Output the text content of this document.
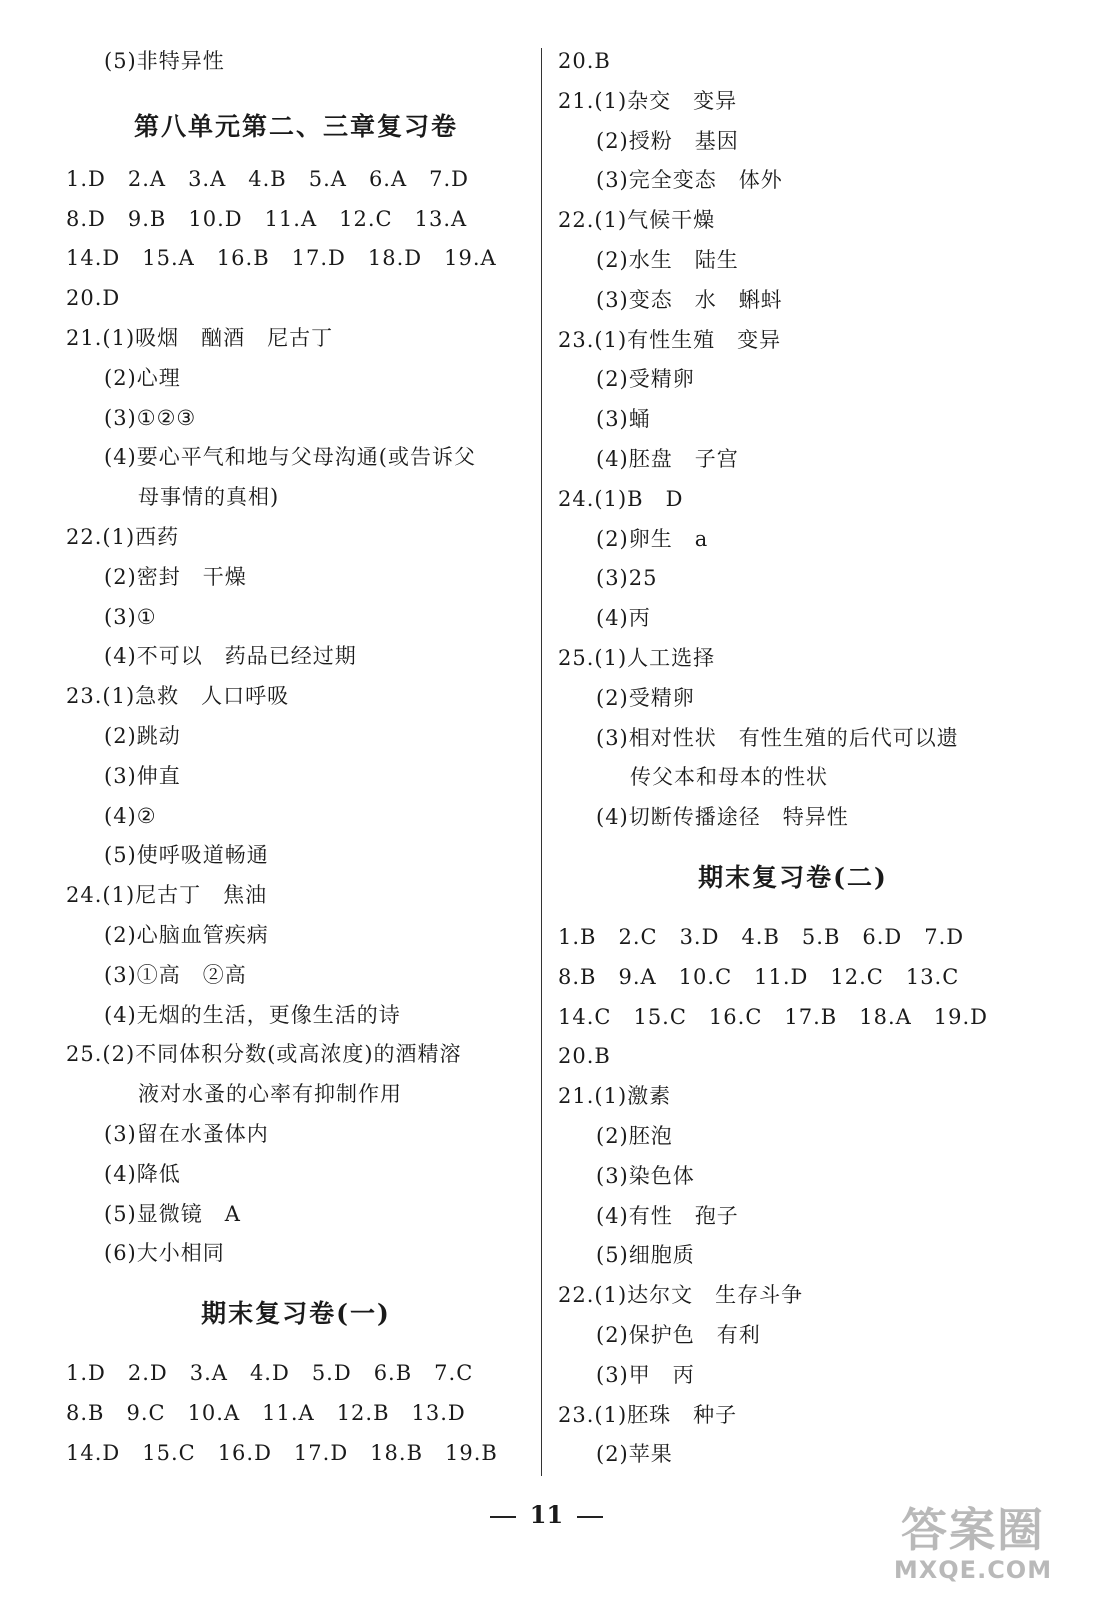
(5)非特异性
第八单元第二、三章复习卷
1.D　2.A　3.A　4.B　5.A　6.A　7.D
8.D　9.B　10.D　11.A　12.C　13.A
14.D　15.A　16.B　17.D　18.D　19.A
20.D
21.(1)吸烟　酗酒　尼古丁
(2)心理
(3)①②③
(4)要心平气和地与父母沟通(或告诉父
母事情的真相)
22.(1)西药
(2)密封　干燥
(3)①
(4)不可以　药品已经过期
23.(1)急救　人口呼吸
(2)跳动
(3)伸直
(4)②
(5)使呼吸道畅通
24.(1)尼古丁　焦油
(2)心脑血管疾病
(3)①高　②高
(4)无烟的生活，更像生活的诗
25.(2)不同体积分数(或高浓度)的酒精溶
液对水蚤的心率有抑制作用
(3)留在水蚤体内
(4)降低
(5)显微镜　A
(6)大小相同
期末复习卷(一)
1.D　2.D　3.A　4.D　5.D　6.B　7.C
8.B　9.C　10.A　11.A　12.B　13.D
14.D　15.C　16.D　17.D　18.B　19.B
20.B
21.(1)杂交　变异
(2)授粉　基因
(3)完全变态　体外
22.(1)气候干燥
(2)水生　陆生
(3)变态　水　蝌蚪
23.(1)有性生殖　变异
(2)受精卵
(3)蛹
(4)胚盘　子宫
24.(1)B　D
(2)卵生　a
(3)25
(4)丙
25.(1)人工选择
(2)受精卵
(3)相对性状　有性生殖的后代可以遗
传父本和母本的性状
(4)切断传播途径　特异性
期末复习卷(二)
1.B　2.C　3.D　4.B　5.B　6.D　7.D
8.B　9.A　10.C　11.D　12.C　13.C
14.C　15.C　16.C　17.B　18.A　19.D
20.B
21.(1)激素
(2)胚泡
(3)染色体
(4)有性　孢子
(5)细胞质
22.(1)达尔文　生存斗争
(2)保护色　有利
(3)甲　丙
23.(1)胚珠　种子
(2)苹果
11	答案圈
MXQE.COM
